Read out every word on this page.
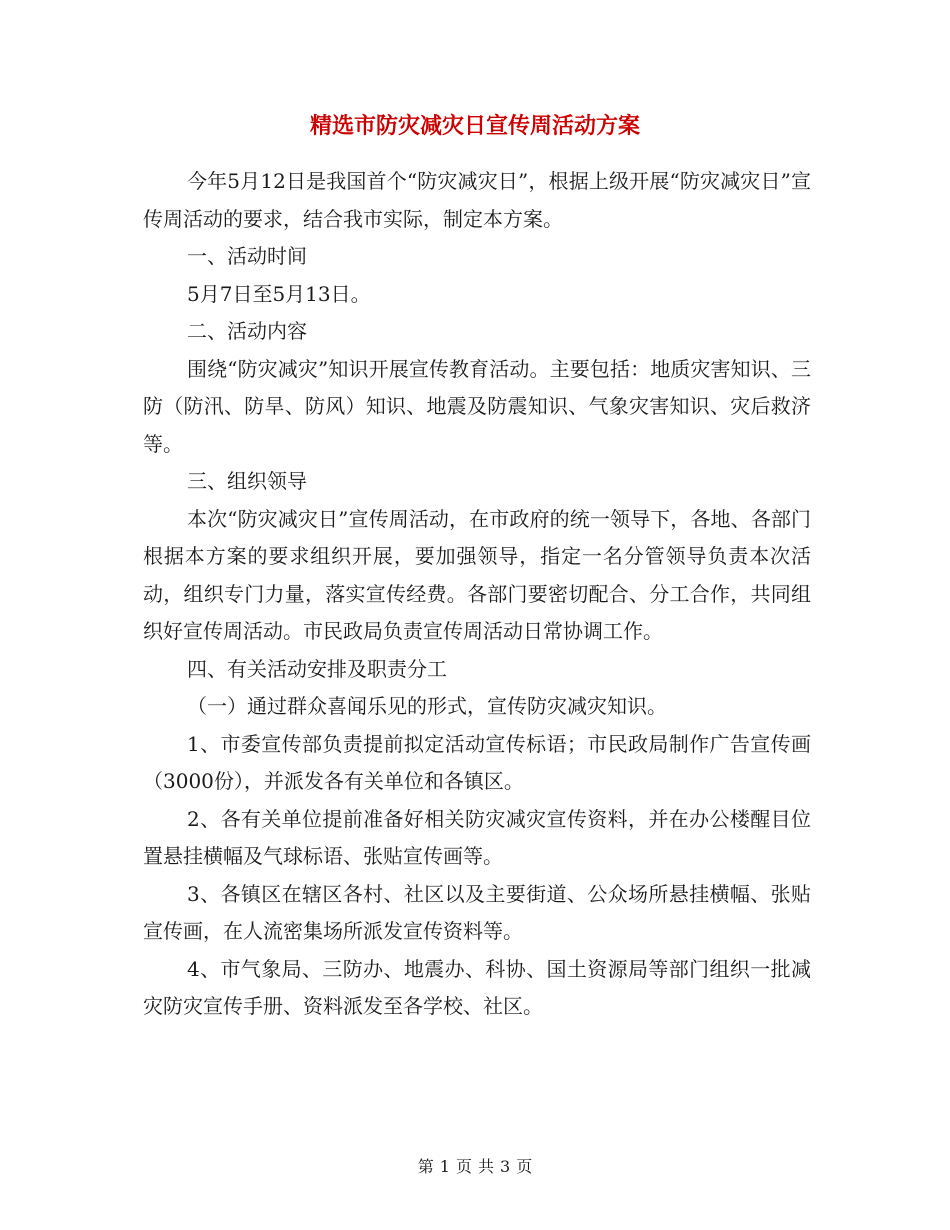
精选市防灾减灾日宣传周活动方案

今年5月12日是我国首个“防灾减灾日”，根据上级开展“防灾减灾日”宣传周活动的要求，结合我市实际，制定本方案。

一、活动时间

5月7日至5月13日。

二、活动内容

围绕“防灾减灾”知识开展宣传教育活动。主要包括：地质灾害知识、三防（防汛、防旱、防风）知识、地震及防震知识、气象灾害知识、灾后救济等。

三、组织领导

本次“防灾减灾日”宣传周活动，在市政府的统一领导下，各地、各部门根据本方案的要求组织开展，要加强领导，指定一名分管领导负责本次活动，组织专门力量，落实宣传经费。各部门要密切配合、分工合作，共同组织好宣传周活动。市民政局负责宣传周活动日常协调工作。

四、有关活动安排及职责分工

（一）通过群众喜闻乐见的形式，宣传防灾减灾知识。

1、市委宣传部负责提前拟定活动宣传标语；市民政局制作广告宣传画（3000份），并派发各有关单位和各镇区。

2、各有关单位提前准备好相关防灾减灾宣传资料，并在办公楼醒目位置悬挂横幅及气球标语、张贴宣传画等。

3、各镇区在辖区各村、社区以及主要街道、公众场所悬挂横幅、张贴宣传画，在人流密集场所派发宣传资料等。

4、市气象局、三防办、地震办、科协、国土资源局等部门组织一批减灾防灾宣传手册、资料派发至各学校、社区。

第 1 页 共 3 页
